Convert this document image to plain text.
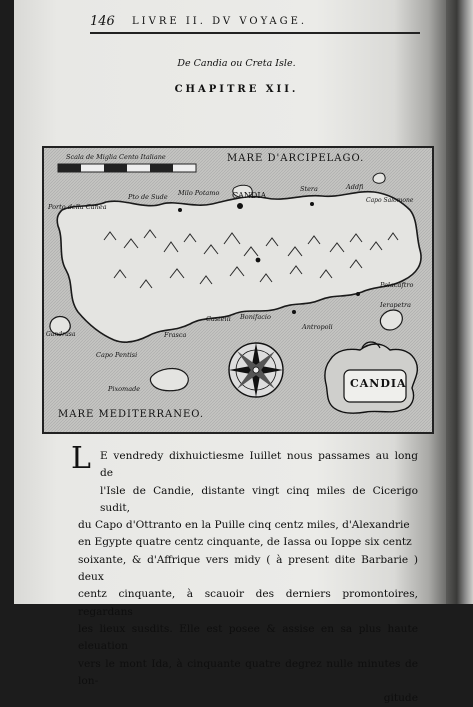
146 LIVRE II. DV VOYAGE.
De Candia ou Creta Isle.
CHAPITRE XII.
Scala de Miglia Cento Italiane	MARE D'ARCIPELAGO.
MARE MEDITERRANEO.
Porto della Canea
Pto de Sude Milo Potamo CANDIA
Stera	Addfi
Capo Salomone
Gandrusa	Frasca
Castelli Bonifacio
Antropoli
Pelacaftro
Ierapetra
Capo Pentisi
Pixomade	CANDIA
L E vendredy dixhuictiesme Iuillet nous passames au long de

l'Isle de Candie, distante vingt cinq miles de Cicerigo sudit,

du Capo d'Ottranto en la Puille cinq centz miles, d'Alexandrie

en Egypte quatre centz cinquante, de Iassa ou Ioppe six centz

soixante, & d'Affrique vers midy ( à present dite Barbarie ) deux

centz cinquante, à scauoir des derniers promontoires, regardans

les lieux susdits. Elle est posee & assise en sa plus haute eleuation

vers le mont Ida, à cinquante quatre degrez nulle minutes de lon-

gitude
